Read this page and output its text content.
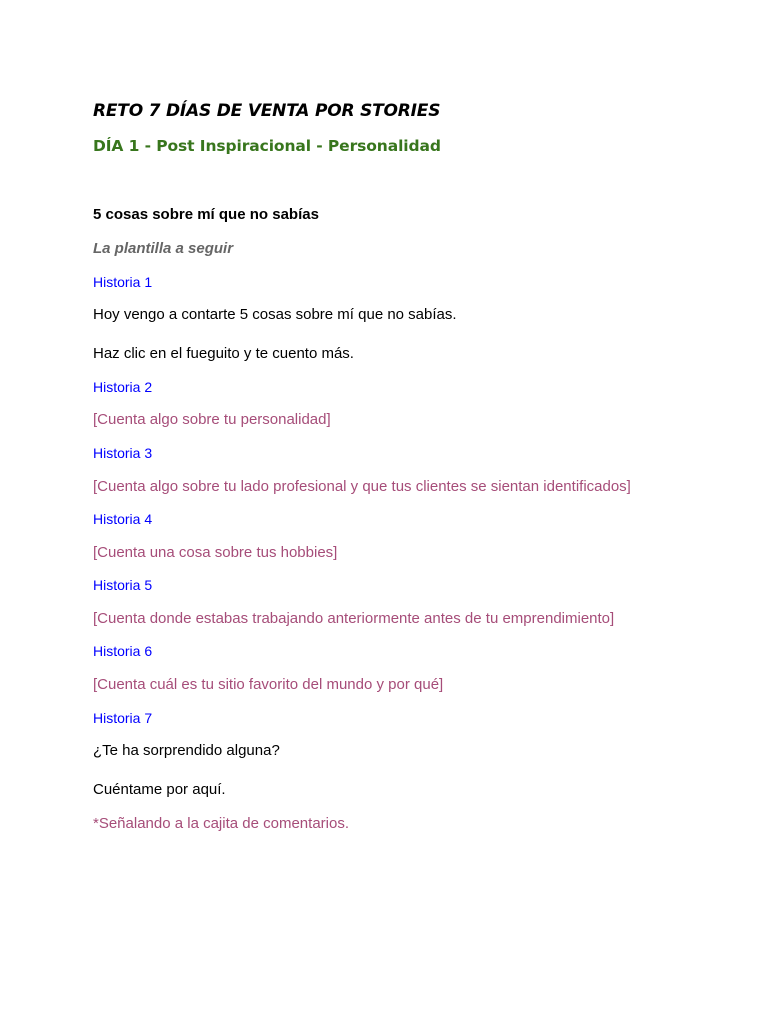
RETO 7 DÍAS DE VENTA POR STORIES
DÍA 1 - Post Inspiracional - Personalidad
5 cosas sobre mí que no sabías
La plantilla a seguir
Historia 1
Hoy vengo a contarte 5 cosas sobre mí que no sabías.
Haz clic en el fueguito y te cuento más.
Historia 2
[Cuenta algo sobre tu personalidad]
Historia 3
[Cuenta algo sobre tu lado profesional y que tus clientes se sientan identificados]
Historia 4
[Cuenta una cosa sobre tus hobbies]
Historia 5
[Cuenta donde estabas trabajando anteriormente antes de tu emprendimiento]
Historia 6
[Cuenta cuál es tu sitio favorito del mundo y por qué]
Historia 7
¿Te ha sorprendido alguna?
Cuéntame por aquí.
*Señalando a la cajita de comentarios.
